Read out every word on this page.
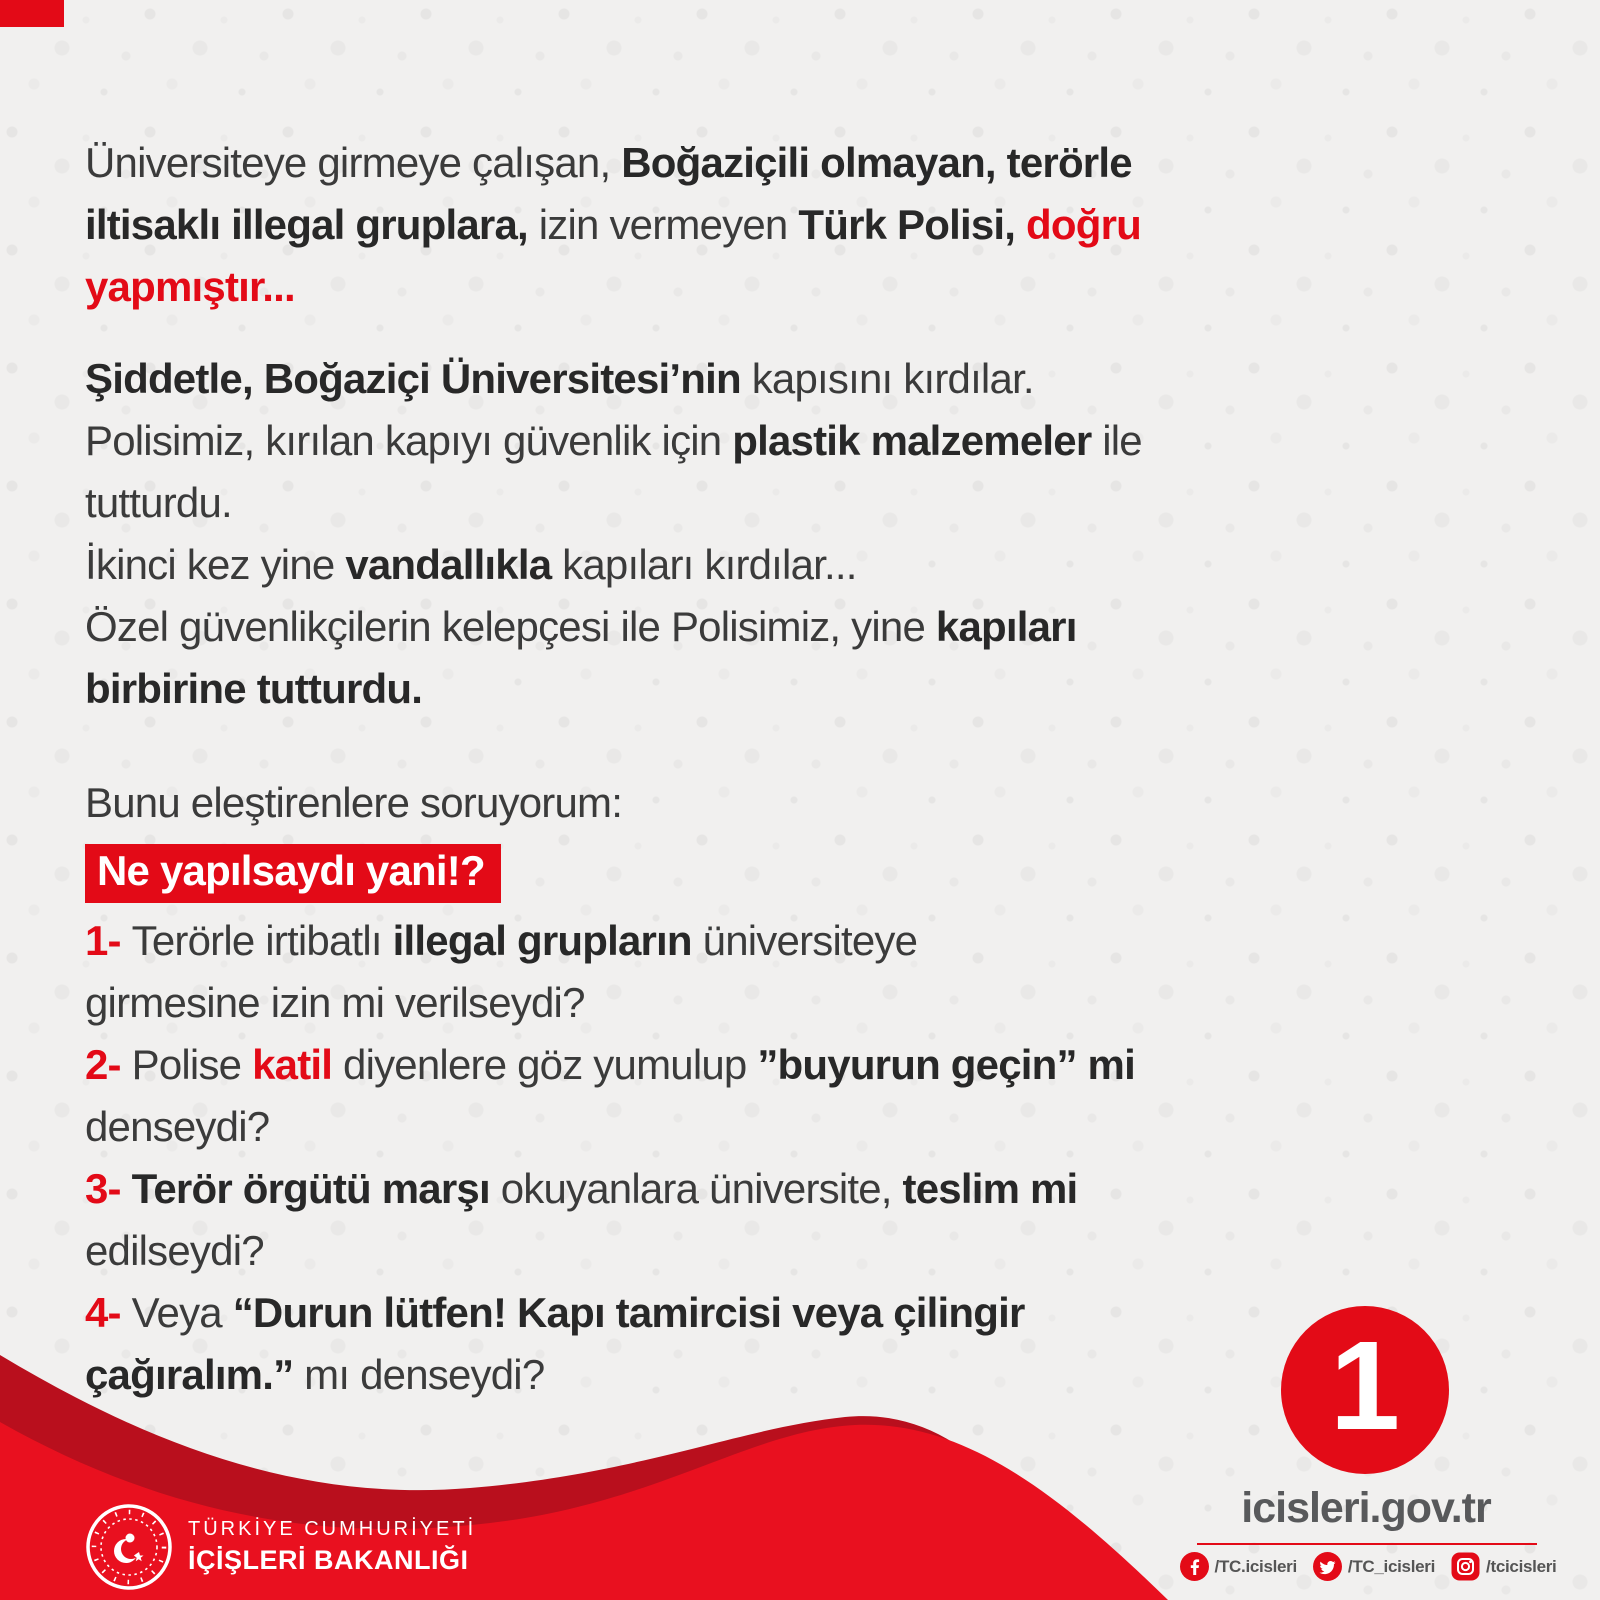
Üniversiteye girmeye çalışan, Boğaziçili olmayan, terörle
iltisaklı illegal gruplara, izin vermeyen Türk Polisi, doğru
yapmıştır...
Şiddetle, Boğaziçi Üniversitesi’nin kapısını kırdılar.
Polisimiz, kırılan kapıyı güvenlik için plastik malzemeler ile
tutturdu.
İkinci kez yine vandallıkla kapıları kırdılar...
Özel güvenlikçilerin kelepçesi ile Polisimiz, yine kapıları
birbirine tutturdu.
Bunu eleştirenlere soruyorum:
Ne yapılsaydı yani!?
1- Terörle irtibatlı illegal grupların üniversiteye
girmesine izin mi verilseydi?
2- Polise katil diyenlere göz yumulup ”buyurun geçin” mi
denseydi?
3- Terör örgütü marşı okuyanlara üniversite, teslim mi
edilseydi?
4- Veya “Durun lütfen! Kapı tamircisi veya çilingir
çağıralım.” mı denseydi?
TÜRKİYE CUMHURİYETİ
İÇİŞLERİ BAKANLIĞI
1
icisleri.gov.tr
/TC.icisleri	/TC_icisleri	/tcicisleri
